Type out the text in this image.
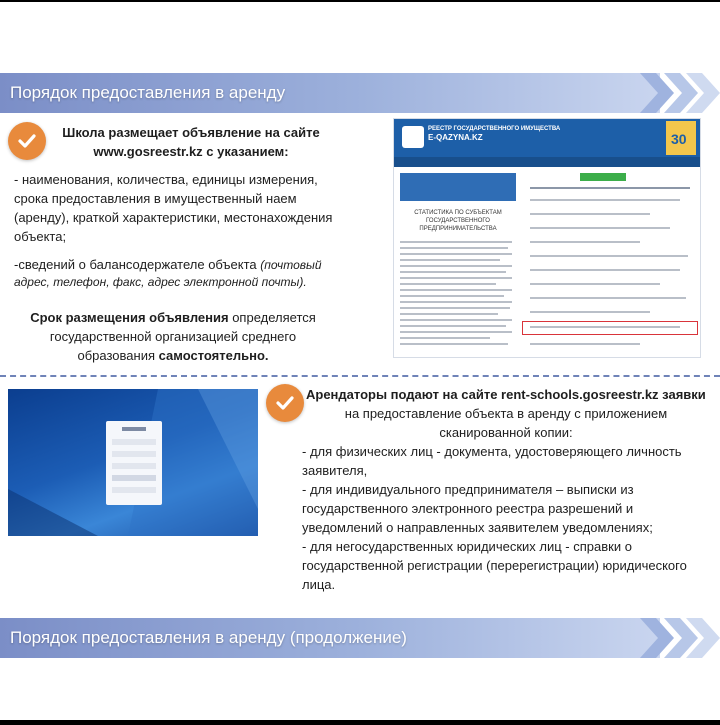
Порядок предоставления в аренду
Школа размещает объявление на сайте
www.gosreestr.kz с указанием:
- наименования, количества, единицы измерения,
срока предоставления в имущественный наем
(аренду), краткой характеристики, местонахождения
объекта;
-сведений о балансодержателе объекта (почтовый
адрес, телефон, факс, адрес электронной почты).
Срок размещения объявления определяется
государственной организацией среднего
образования самостоятельно.
РЕЕСТР ГОСУДАРСТВЕННОГО ИМУЩЕСТВА
E-QAZYNA.KZ	30
СТАТИСТИКА ПО СУБЪЕКТАМ
ГОСУДАРСТВЕННОГО
ПРЕДПРИНИМАТЕЛЬСТВА
Арендаторы подают на сайте rent-schools.gosreestr.kz заявки
на предоставление объекта в аренду с приложением
сканированной копии:
- для физических лиц - документа, удостоверяющего личность
заявителя,
- для индивидуального предпринимателя – выписки из
государственного электронного реестра разрешений и
уведомлений о направленных заявителем уведомлениях;
- для негосударственных юридических лиц - справки о
государственной регистрации (перерегистрации) юридического
лица.
Порядок предоставления в аренду (продолжение)
